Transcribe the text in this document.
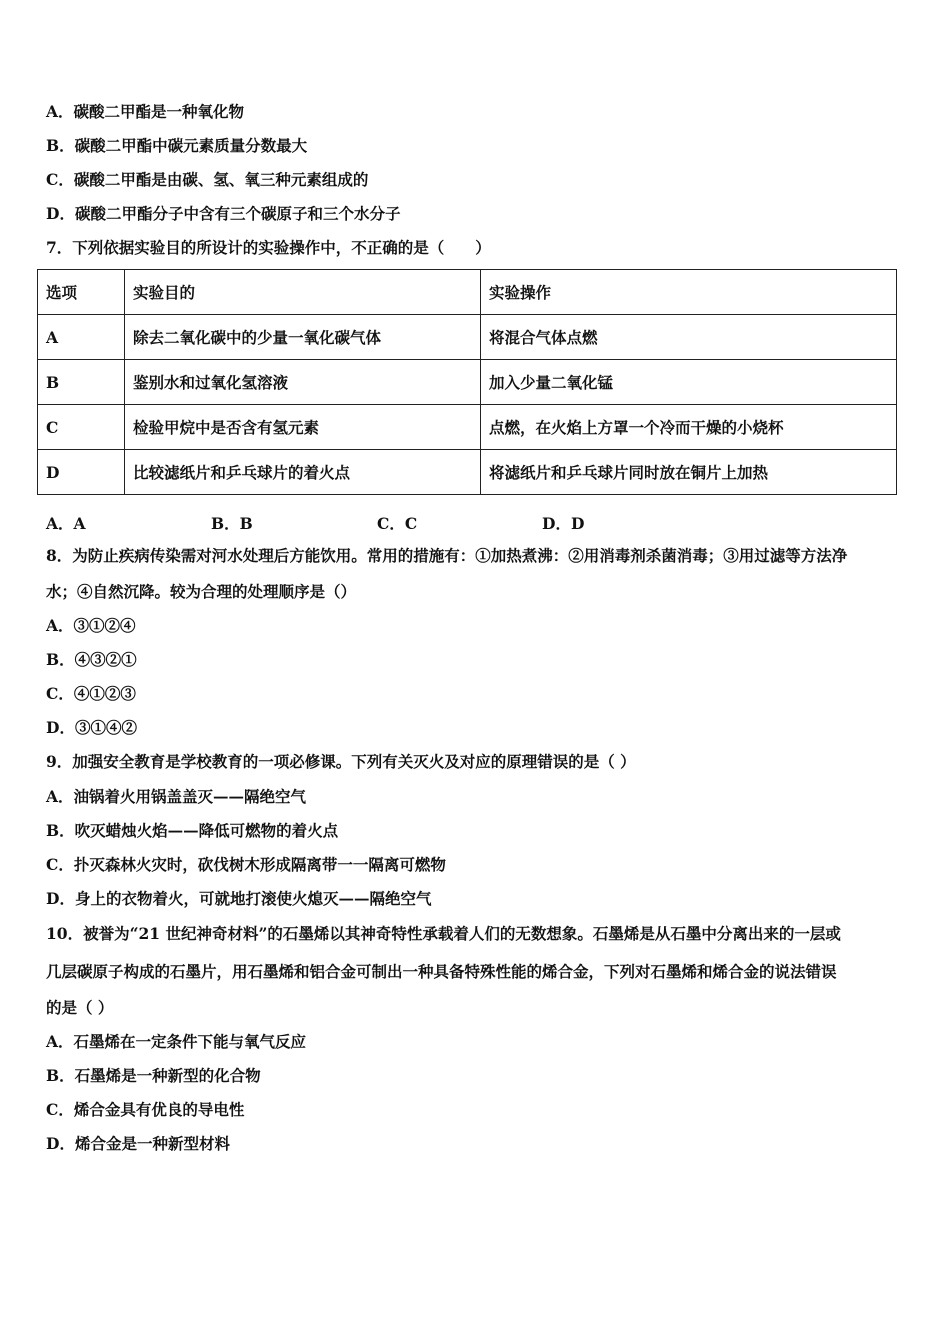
A．碳酸二甲酯是一种氧化物
B．碳酸二甲酯中碳元素质量分数最大
C．碳酸二甲酯是由碳、氢、氧三种元素组成的
D．碳酸二甲酯分子中含有三个碳原子和三个水分子
7．下列依据实验目的所设计的实验操作中，不正确的是（　　）
选项	实验目的	实验操作
A	除去二氧化碳中的少量一氧化碳气体	将混合气体点燃
B	鉴别水和过氧化氢溶液	加入少量二氧化锰
C	检验甲烷中是否含有氢元素	点燃，在火焰上方罩一个冷而干燥的小烧杯
D	比较滤纸片和乒乓球片的着火点	将滤纸片和乒乓球片同时放在铜片上加热
A．A	B．B	C．C	D．D
8．为防止疾病传染需对河水处理后方能饮用。常用的措施有：①加热煮沸：②用消毒剂杀菌消毒；③用过滤等方法净
水；④自然沉降。较为合理的处理顺序是（）
A．③①②④
B．④③②①
C．④①②③
D．③①④②
9．加强安全教育是学校教育的一项必修课。下列有关灭火及对应的原理错误的是（ ）
A．油锅着火用锅盖盖灭——隔绝空气
B．吹灭蜡烛火焰——降低可燃物的着火点
C．扑灭森林火灾时，砍伐树木形成隔离带一一隔离可燃物
D．身上的衣物着火，可就地打滚使火熄灭——隔绝空气
10．被誉为“21 世纪神奇材料”的石墨烯以其神奇特性承载着人们的无数想象。石墨烯是从石墨中分离出来的一层或
几层碳原子构成的石墨片，用石墨烯和铝合金可制出一种具备特殊性能的烯合金，下列对石墨烯和烯合金的说法错误
的是（ ）
A．石墨烯在一定条件下能与氧气反应
B．石墨烯是一种新型的化合物
C．烯合金具有优良的导电性
D．烯合金是一种新型材料
